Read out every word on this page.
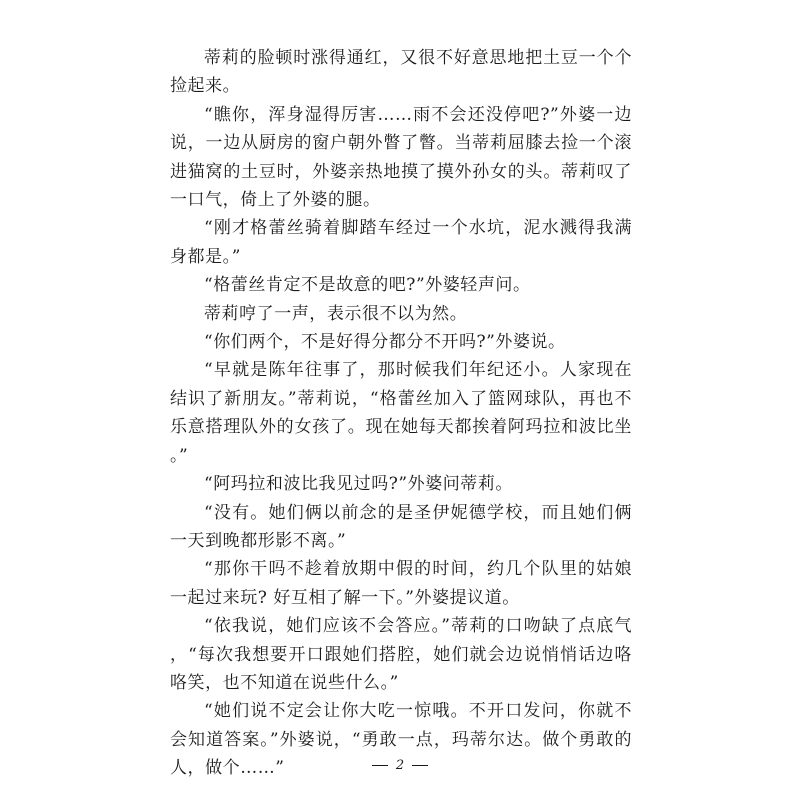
蒂莉的脸顿时涨得通红，又很不好意思地把土豆一个个捡起来。

“瞧你，浑身湿得厉害……雨不会还没停吧?”外婆一边说，一边从厨房的窗户朝外瞥了瞥。当蒂莉屈膝去捡一个滚进猫窝的土豆时，外婆亲热地摸了摸外孙女的头。蒂莉叹了一口气，倚上了外婆的腿。

“刚才格蕾丝骑着脚踏车经过一个水坑，泥水溅得我满身都是。”

“格蕾丝肯定不是故意的吧?”外婆轻声问。

蒂莉哼了一声，表示很不以为然。

“你们两个，不是好得分都分不开吗?”外婆说。

“早就是陈年往事了，那时候我们年纪还小。人家现在结识了新朋友。”蒂莉说，“格蕾丝加入了篮网球队，再也不乐意搭理队外的女孩了。现在她每天都挨着阿玛拉和波比坐。”

“阿玛拉和波比我见过吗?”外婆问蒂莉。

“没有。她们俩以前念的是圣伊妮德学校，而且她们俩一天到晚都形影不离。”

“那你干吗不趁着放期中假的时间，约几个队里的姑娘一起过来玩? 好互相了解一下。”外婆提议道。

“依我说，她们应该不会答应。”蒂莉的口吻缺了点底气，“每次我想要开口跟她们搭腔，她们就会边说悄悄话边咯咯笑，也不知道在说些什么。”

“她们说不定会让你大吃一惊哦。不开口发问，你就不会知道答案。”外婆说，“勇敢一点，玛蒂尔达。做个勇敢的人，做个……”	2
